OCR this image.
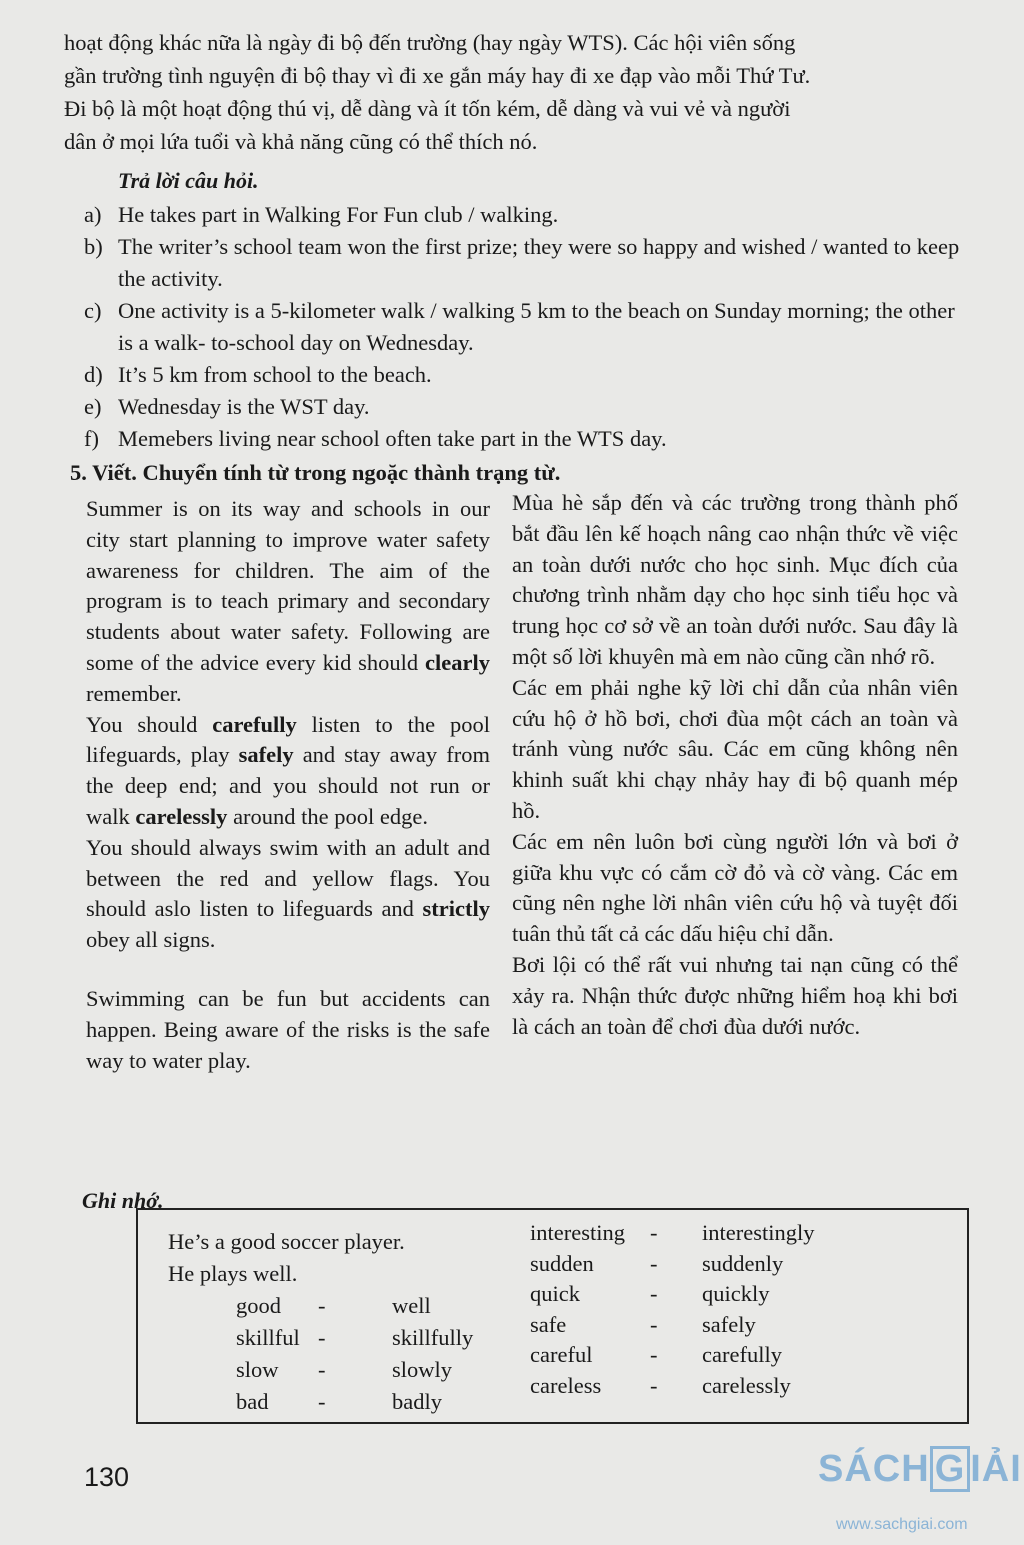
hoạt động khác nữa là ngày đi bộ đến trường (hay ngày WTS). Các hội viên sống

gần trường tình nguyện đi bộ thay vì đi xe gắn máy hay đi xe đạp vào mỗi Thứ Tư.

Đi bộ là một hoạt động thú vị, dễ dàng và ít tốn kém, dễ dàng và vui vẻ và người

dân ở mọi lứa tuổi và khả năng cũng có thể thích nó.

Trả lời câu hỏi.
a) He takes part in Walking For Fun club / walking.
b) The writer’s school team won the first prize; they were so happy and wished / wanted to keep the activity.
c) One activity is a 5-kilometer walk / walking 5 km to the beach on Sunday morning; the other is a walk- to-school day on Wednesday.
d) It’s 5 km from school to the beach.
e) Wednesday is the WST day.
f) Memebers living near school often take part in the WTS day.
5. Viết. Chuyển tính từ trong ngoặc thành trạng từ.

Summer is on its way and schools in our city start planning to improve water safety awareness for children. The aim of the program is to teach primary and secondary students about water safety. Following are some of the advice every kid should clearly remember.

You should carefully listen to the pool lifeguards, play safely and stay away from the deep end; and you should not run or walk carelessly around the pool edge.

You should always swim with an adult and between the red and yellow flags. You should aslo listen to lifeguards and strictly obey all signs.

Swimming can be fun but accidents can happen. Being aware of the risks is the safe way to water play.

Mùa hè sắp đến và các trường trong thành phố bắt đầu lên kế hoạch nâng cao nhận thức về việc an toàn dưới nước cho học sinh. Mục đích của chương trình nhằm dạy cho học sinh tiểu học và trung học cơ sở về an toàn dưới nước. Sau đây là một số lời khuyên mà em nào cũng cần nhớ rõ.

Các em phải nghe kỹ lời chỉ dẫn của nhân viên cứu hộ ở hồ bơi, chơi đùa một cách an toàn và tránh vùng nước sâu. Các em cũng không nên khinh suất khi chạy nhảy hay đi bộ quanh mép hồ.

Các em nên luôn bơi cùng người lớn và bơi ở giữa khu vực có cắm cờ đỏ và cờ vàng. Các em cũng nên nghe lời nhân viên cứu hộ và tuyệt đối tuân thủ tất cả các dấu hiệu chỉ dẫn.

Bơi lội có thể rất vui nhưng tai nạn cũng có thể xảy ra. Nhận thức được những hiểm hoạ khi bơi là cách an toàn để chơi đùa dưới nước.

Ghi nhớ.
He’s a good soccer player.
He plays well.
good	-	well
skillful -	skillfully
slow	-	slowly
bad	-	badly
interesting	-	interestingly
sudden	-	suddenly
quick	-	quickly
safe	-	safely
careful	-	carefully
careless	-	carelessly
130	SÁCH G IẢI
www.sachgiai.com
